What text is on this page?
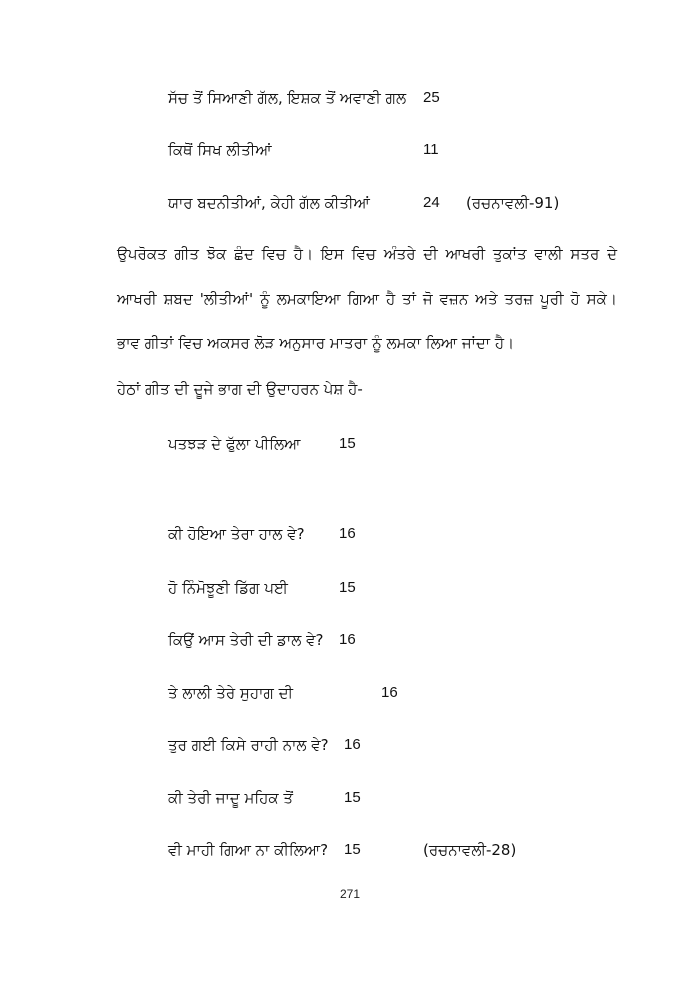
ਸੱਚ ਤੋਂ ਸਿਆਣੀ ਗੱਲ, ਇਸ਼ਕ ਤੋਂ ਅਵਾਣੀ ਗਲ 25
ਕਿਥੋਂ ਸਿਖ ਲੀਤੀਆਂ	11
ਯਾਰ ਬਦਨੀਤੀਆਂ, ਕੇਹੀ ਗੱਲ ਕੀਤੀਆਂ	24 (ਰਚਨਾਵਲੀ-91)
ਉਪਰੋਕਤ ਗੀਤ ਝੋਕ ਛੰਦ ਵਿਚ ਹੈ। ਇਸ ਵਿਚ ਅੰਤਰੇ ਦੀ ਆਖਰੀ ਤੁਕਾਂਤ ਵਾਲੀ ਸਤਰ ਦੇ
ਆਖਰੀ ਸ਼ਬਦ 'ਲੀਤੀਆਂ' ਨੂੰ ਲਮਕਾਇਆ ਗਿਆ ਹੈ ਤਾਂ ਜੋ ਵਜ਼ਨ ਅਤੇ ਤਰਜ਼ ਪੂਰੀ ਹੋ ਸਕੇ।
ਭਾਵ ਗੀਤਾਂ ਵਿਚ ਅਕਸਰ ਲੋੜ ਅਨੁਸਾਰ ਮਾਤਰਾ ਨੂੰ ਲਮਕਾ ਲਿਆ ਜਾਂਦਾ ਹੈ।
ਹੇਠਾਂ ਗੀਤ ਦੀ ਦੂਜੇ ਭਾਗ ਦੀ ਉਦਾਹਰਨ ਪੇਸ਼ ਹੈ-
ਪਤਝੜ ਦੇ ਫੁੱਲਾ ਪੀਲਿਆ	15
ਕੀ ਹੋਇਆ ਤੇਰਾ ਹਾਲ ਵੇ? 16
ਹੋ ਨਿੰਮੋਝੂਣੀ ਡਿੱਗ ਪਈ	15
ਕਿਉਂ ਆਸ ਤੇਰੀ ਦੀ ਡਾਲ ਵੇ? 16
ਤੇ ਲਾਲੀ ਤੇਰੇ ਸੁਹਾਗ ਦੀ	16
ਤੁਰ ਗਈ ਕਿਸੇ ਰਾਹੀ ਨਾਲ ਵੇ? 16
ਕੀ ਤੇਰੀ ਜਾਦੂ ਮਹਿਕ ਤੋਂ	15
ਵੀ ਮਾਹੀ ਗਿਆ ਨਾ ਕੀਲਿਆ? 15	(ਰਚਨਾਵਲੀ-28)
271
